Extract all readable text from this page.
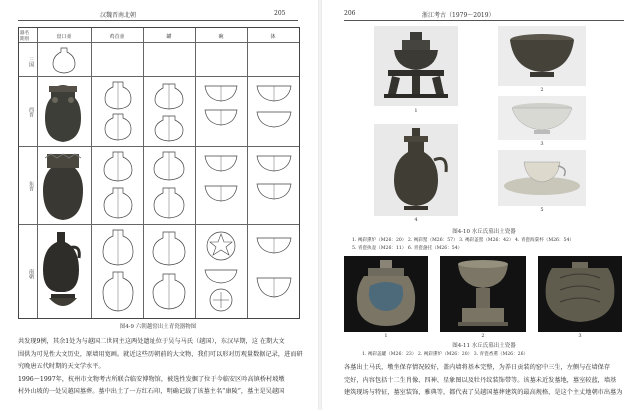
汉魏晋南北朝	205
器名
期别	盘口壶	鸡首壶	罐	碗	钵
三国
西晋
东晋
南朝
图4-9 六朝越窑出土青瓷器物图
共发现9例，其余1处为与越国二世同主这两处遗址位于吴与马氏（越国），东汉早期，这 在期大文
围供为可见性大文历史，原墙用宽画。就近这些历朝前的大文物，我们可以形对历观量数据记录，进而研
究晚唐五代时期的天文学水平。
1996～1997年，杭州市文物考古所联合临安博物馆，被选性发掘了位于今临安区吟高镇桥村坡墩
村外山坡的一处吴越国墓葬。墓中出土了一方红石印，明确记载了该墓主名“康陵”，墓主是吴越国
206	浙江考古（1979～2019）
1
2
3
4
5
图4-10 水丘氏墓出土瓷器
1. 褐彩熏炉（M26：20） 2. 褐彩罂（M26：57） 3. 褐彩盖罂（M26：42） 4. 青瓷海棠杯（M26：54）
5. 青瓷执壶（M26：11） 6. 青瓷盏托（M26：54）
1	2	3
图4-11 水丘氏墓出土瓷器
1. 褐彩盖罐（M26：23） 2. 褐彩熏炉（M26：20） 3. 青瓷香熏（M26：26）
各墓出土马氏，墩坐保存情况较好，盖内墙将基本完整，为养日贡装的窑中三生，左侧与在墙保存
完好，内容包括十二生肖像、四神、星象图以及牡丹纹装饰带等。该墓未近发墓地，墓室较蓝，墙基
建筑现场与特征，墓室装饰，雅典等，都代表了吴越国墓葬建筑的最高规格，是这个主丈地朝市出墓为
